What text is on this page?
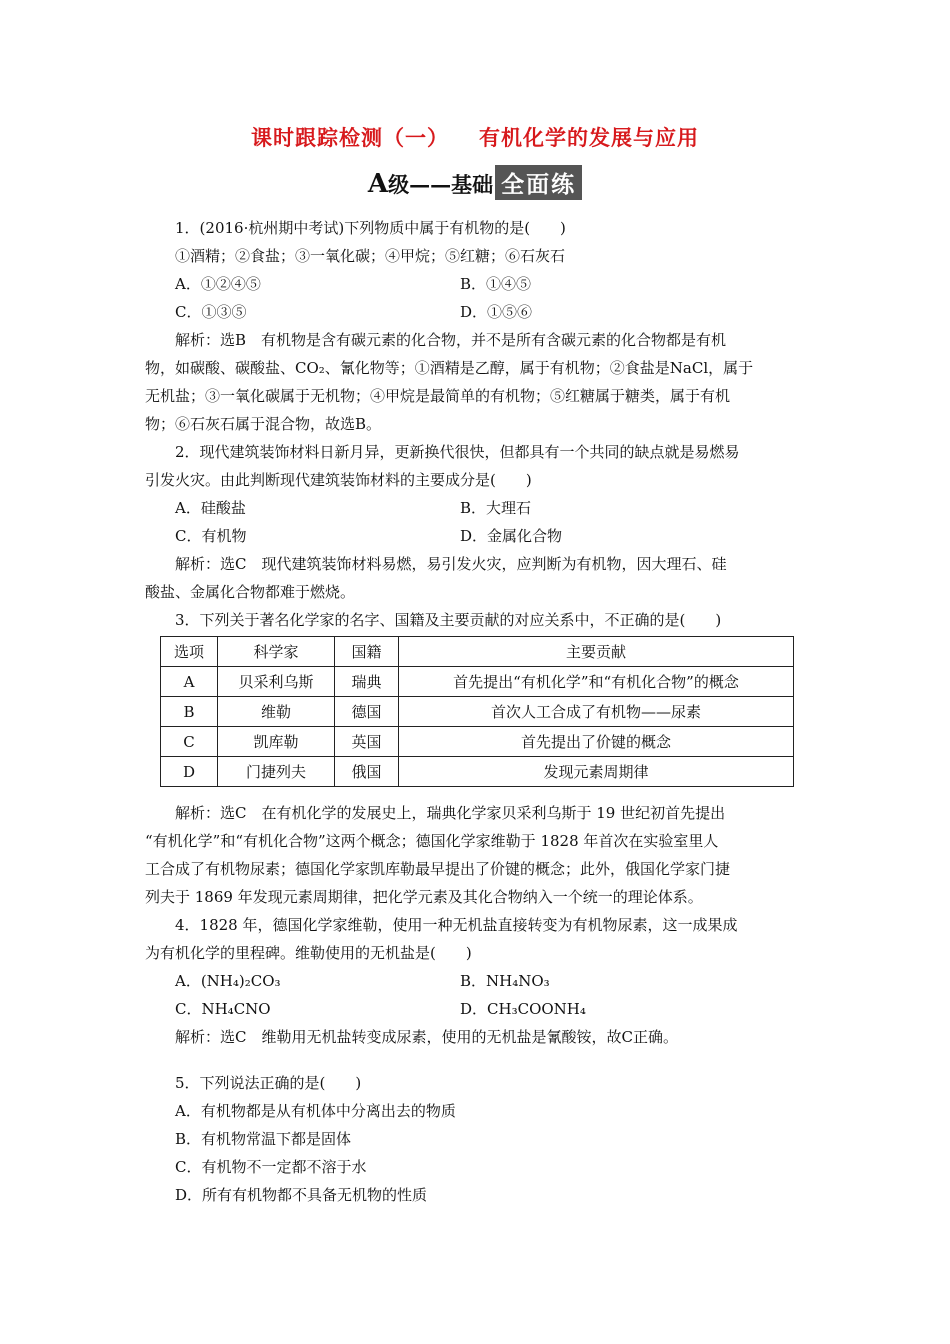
课时跟踪检测（一） 有机化学的发展与应用
A级——基础 全面练
1．(2016·杭州期中考试)下列物质中属于有机物的是(　　)
①酒精；②食盐；③一氧化碳；④甲烷；⑤红糖；⑥石灰石
A．①②④⑤	B．①④⑤
C．①③⑤	D．①⑤⑥
解析：选B　有机物是含有碳元素的化合物，并不是所有含碳元素的化合物都是有机
物，如碳酸、碳酸盐、CO₂、氰化物等；①酒精是乙醇，属于有机物；②食盐是NaCl，属于
无机盐；③一氧化碳属于无机物；④甲烷是最简单的有机物；⑤红糖属于糖类，属于有机
物；⑥石灰石属于混合物，故选B。
2．现代建筑装饰材料日新月异，更新换代很快，但都具有一个共同的缺点就是易燃易
引发火灾。由此判断现代建筑装饰材料的主要成分是(　　)
A．硅酸盐	B．大理石
C．有机物	D．金属化合物
解析：选C　现代建筑装饰材料易燃，易引发火灾，应判断为有机物，因大理石、硅
酸盐、金属化合物都难于燃烧。
3．下列关于著名化学家的名字、国籍及主要贡献的对应关系中，不正确的是(　　)
选项	科学家	国籍	主要贡献
A	贝采利乌斯	瑞典	首先提出“有机化学”和“有机化合物”的概念
B	维勒	德国	首次人工合成了有机物——尿素
C	凯库勒	英国	首先提出了价键的概念
D	门捷列夫	俄国	发现元素周期律
解析：选C　在有机化学的发展史上，瑞典化学家贝采利乌斯于 19 世纪初首先提出
“有机化学”和“有机化合物”这两个概念；德国化学家维勒于 1828 年首次在实验室里人
工合成了有机物尿素；德国化学家凯库勒最早提出了价键的概念；此外，俄国化学家门捷
列夫于 1869 年发现元素周期律，把化学元素及其化合物纳入一个统一的理论体系。
4．1828 年，德国化学家维勒，使用一种无机盐直接转变为有机物尿素，这一成果成
为有机化学的里程碑。维勒使用的无机盐是(　　)
A．(NH₄)₂CO₃	B．NH₄NO₃
C．NH₄CNO	D．CH₃COONH₄
解析：选C　维勒用无机盐转变成尿素，使用的无机盐是氰酸铵，故C正确。
5．下列说法正确的是(　　)
A．有机物都是从有机体中分离出去的物质
B．有机物常温下都是固体
C．有机物不一定都不溶于水
D．所有有机物都不具备无机物的性质
